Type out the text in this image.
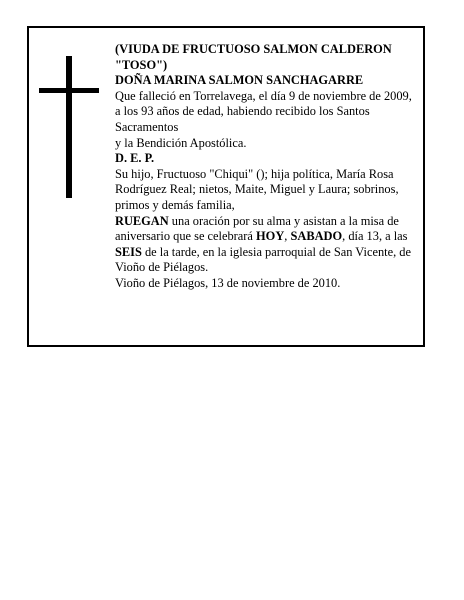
(VIUDA DE FRUCTUOSO SALMON CALDERON "TOSO")

DOÑA MARINA SALMON SANCHAGARRE

Que falleció en Torrelavega, el día 9 de noviembre de 2009,

a los 93 años de edad, habiendo recibido los Santos Sacramentos

y la Bendición Apostólica.

D. E. P.

Su hijo, Fructuoso "Chiqui" (); hija política, María Rosa Rodríguez Real; nietos, Maite, Miguel y Laura; sobrinos, primos y demás familia,

RUEGAN una oración por su alma y asistan a la misa de aniversario que se celebrará HOY, SABADO, día 13, a las SEIS de la tarde, en la iglesia parroquial de San Vicente, de Vioño de Piélagos.

Vioño de Piélagos, 13 de noviembre de 2010.
